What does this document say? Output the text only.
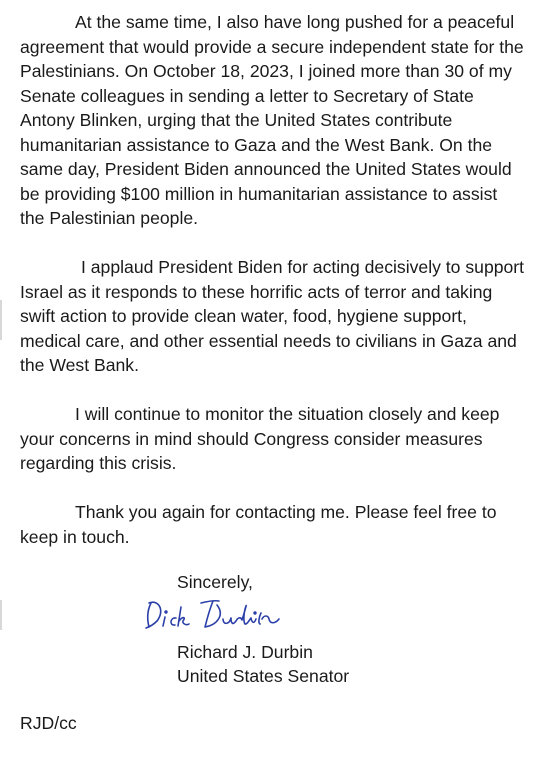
At the same time, I also have long pushed for a peaceful agreement that would provide a secure independent state for the Palestinians. On October 18, 2023, I joined more than 30 of my Senate colleagues in sending a letter to Secretary of State Antony Blinken, urging that the United States contribute humanitarian assistance to Gaza and the West Bank. On the same day, President Biden announced the United States would be providing $100 million in humanitarian assistance to assist the Palestinian people.

I applaud President Biden for acting decisively to support Israel as it responds to these horrific acts of terror and taking swift action to provide clean water, food, hygiene support, medical care, and other essential needs to civilians in Gaza and the West Bank.

I will continue to monitor the situation closely and keep your concerns in mind should Congress consider measures regarding this crisis.

Thank you again for contacting me. Please feel free to keep in touch.

Sincerely,
Richard J. Durbin
United States Senator
RJD/cc
